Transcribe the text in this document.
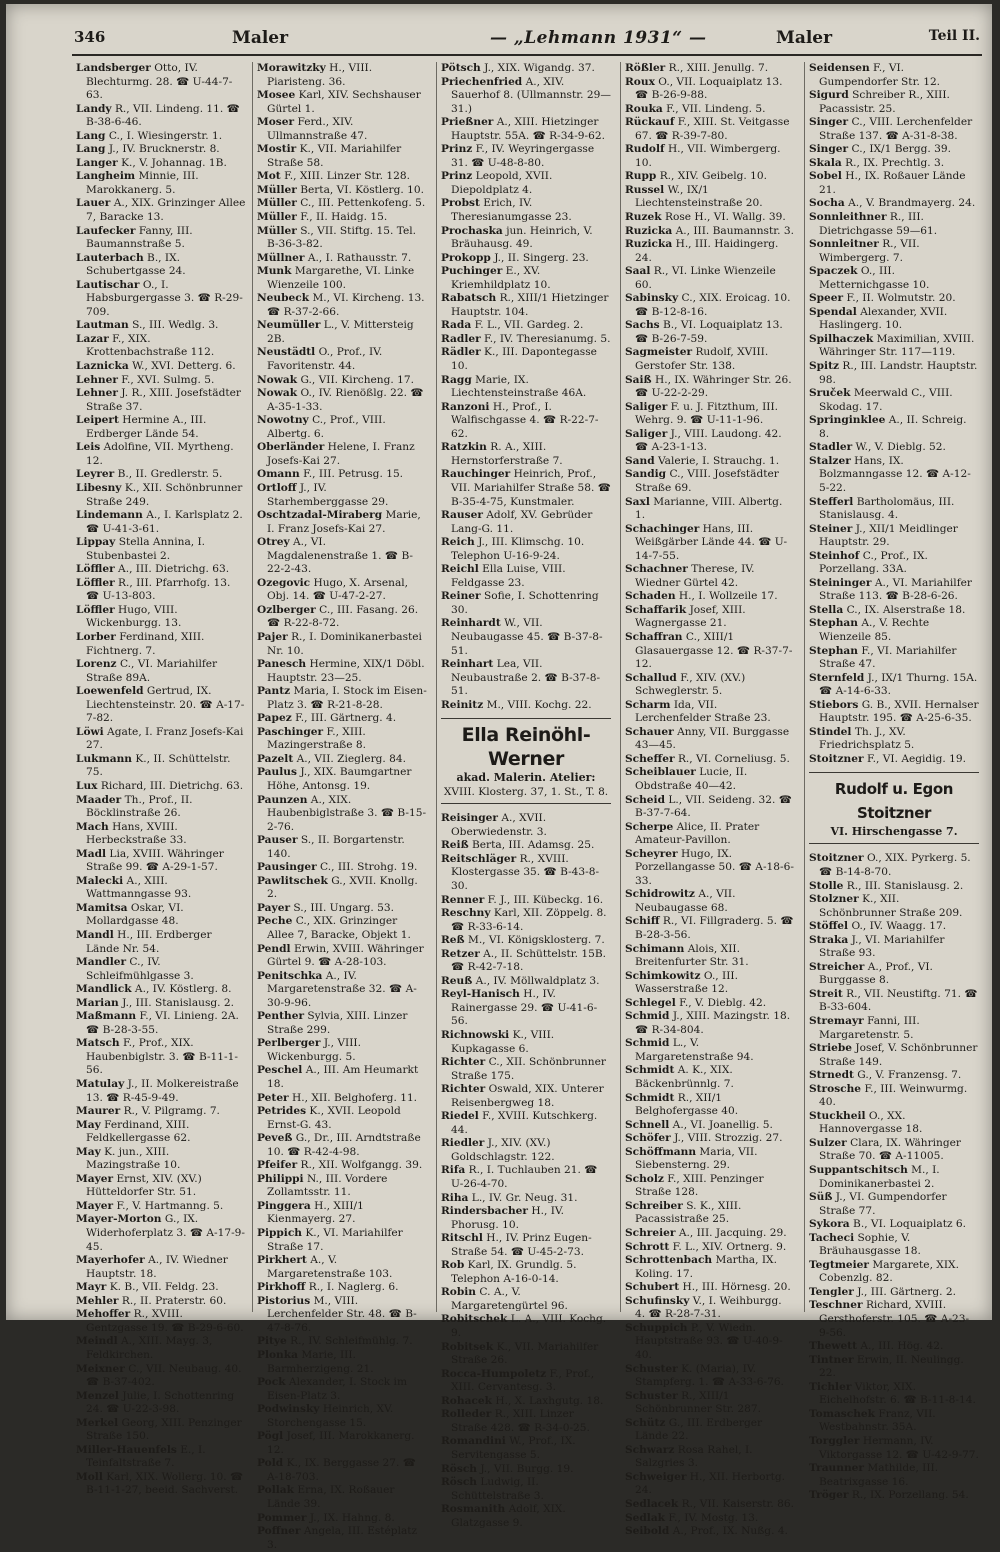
346	Maler	— „Lehmann 1931“ —	Maler	Teil II.

Landsberger Otto, IV. Blechturmg. 28. ☎ U-44-7-63.

Landy R., VII. Lindeng. 11. ☎ B-38-6-46.

Lang C., I. Wiesingerstr. 1.

Lang J., IV. Brucknerstr. 8.

Langer K., V. Johannag. 1B.

Langheim Minnie, III. Marokkanerg. 5.

Lauer A., XIX. Grinzinger Allee 7, Baracke 13.

Laufecker Fanny, III. Baumannstraße 5.

Lauterbach B., IX. Schubertgasse 24.

Lautischar O., I. Habsburgergasse 3. ☎ R-29-709.

Lautman S., III. Wedlg. 3.

Lazar F., XIX. Krottenbachstraße 112.

Laznicka W., XVI. Detterg. 6.

Lehner F., XVI. Sulmg. 5.

Lehner J. R., XIII. Josefstädter Straße 37.

Leipert Hermine A., III. Erdberger Lände 54.

Leis Adolfine, VII. Myrtheng. 12.

Leyrer B., II. Gredlerstr. 5.

Libesny K., XII. Schönbrunner Straße 249.

Lindemann A., I. Karlsplatz 2. ☎ U-41-3-61.

Lippay Stella Annina, I. Stubenbastei 2.

Löffler A., III. Dietrichg. 63.

Löffler R., III. Pfarrhofg. 13. ☎ U-13-803.

Löffler Hugo, VIII. Wickenburgg. 13.

Lorber Ferdinand, XIII. Fichtnerg. 7.

Lorenz C., VI. Mariahilfer Straße 89A.

Loewenfeld Gertrud, IX. Liechtensteinstr. 20. ☎ A-17-7-82.

Löwi Agate, I. Franz Josefs-Kai 27.

Lukmann K., II. Schüttelstr. 75.

Lux Richard, III. Dietrichg. 63.

Maader Th., Prof., II. Böcklinstraße 26.

Mach Hans, XVIII. Herbeckstraße 33.

Madl Lia, XVIII. Währinger Straße 99. ☎ A-29-1-57.

Malecki A., XIII. Wattmanngasse 93.

Mamitsa Oskar, VI. Mollardgasse 48.

Mandl H., III. Erdberger Lände Nr. 54.

Mandler C., IV. Schleifmühlgasse 3.

Mandlick A., IV. Köstlerg. 8.

Marian J., III. Stanislausg. 2.

Maßmann F., VI. Linieng. 2A. ☎ B-28-3-55.

Matsch F., Prof., XIX. Haubenbiglstr. 3. ☎ B-11-1-56.

Matulay J., II. Molkereistraße 13. ☎ R-45-9-49.

Maurer R., V. Pilgramg. 7.

May Ferdinand, XIII. Feldkellergasse 62.

May K. jun., XIII. Mazingstraße 10.

Mayer Ernst, XIV. (XV.) Hütteldorfer Str. 51.

Mayer F., V. Hartmanng. 5.

Mayer-Morton G., IX. Widerhoferplatz 3. ☎ A-17-9-45.

Mayerhofer A., IV. Wiedner Hauptstr. 18.

Mayr K. B., VII. Feldg. 23.

Mehler R., II. Praterstr. 60.

Mehoffer R., XVIII. Gentzgasse 19. ☎ B-29-6-60.

Meindl A., XIII. Mayg. 3, Feldkirchen.

Meixner C., VII. Neubaug. 40. ☎ B-37-402.

Menzel Julie, I. Schottenring 24. ☎ U-22-3-98.

Merkel Georg, XIII. Penzinger Straße 150.

Miller-Hauenfels E., I. Teinfaltstraße 7.

Moll Karl, XIX. Wollerg. 10. ☎ B-11-1-27, beeid. Sachverst.

Morawitzky H., VIII. Piaristeng. 36.

Mosee Karl, XIV. Sechshauser Gürtel 1.

Moser Ferd., XIV. Ullmannstraße 47.

Mostir K., VII. Mariahilfer Straße 58.

Mot F., XIII. Linzer Str. 128.

Müller Berta, VI. Köstlerg. 10.

Müller C., III. Pettenkofeng. 5.

Müller F., II. Haidg. 15.

Müller S., VII. Stiftg. 15. Tel. B-36-3-82.

Müllner A., I. Rathausstr. 7.

Munk Margarethe, VI. Linke Wienzeile 100.

Neubeck M., VI. Kircheng. 13. ☎ R-37-2-66.

Neumüller L., V. Mittersteig 2B.

Neustädtl O., Prof., IV. Favoritenstr. 44.

Nowak G., VII. Kircheng. 17.

Nowak O., IV. Rienößlg. 22. ☎ A-35-1-33.

Nowotny C., Prof., VIII. Albertg. 6.

Oberländer Helene, I. Franz Josefs-Kai 27.

Omann F., III. Petrusg. 15.

Ortloff J., IV. Starhemberggasse 29.

Oschtzadal-Miraberg Marie, I. Franz Josefs-Kai 27.

Otrey A., VI. Magdalenenstraße 1. ☎ B-22-2-43.

Ozegovic Hugo, X. Arsenal, Obj. 14. ☎ U-47-2-27.

Ozlberger C., III. Fasang. 26. ☎ R-22-8-72.

Pajer R., I. Dominikanerbastei Nr. 10.

Panesch Hermine, XIX/1 Döbl. Hauptstr. 23—25.

Pantz Maria, I. Stock im Eisen-Platz 3. ☎ R-21-8-28.

Papez F., III. Gärtnerg. 4.

Paschinger F., XIII. Mazingerstraße 8.

Pazelt A., VII. Zieglerg. 84.

Paulus J., XIX. Baumgartner Höhe, Antonsg. 19.

Paunzen A., XIX. Haubenbiglstraße 3. ☎ B-15-2-76.

Pauser S., II. Borgartenstr. 140.

Pausinger C., III. Strohg. 19.

Pawlitschek G., XVII. Knollg. 2.

Payer S., III. Ungarg. 53.

Peche C., XIX. Grinzinger Allee 7, Baracke, Objekt 1.

Pendl Erwin, XVIII. Währinger Gürtel 9. ☎ A-28-103.

Penitschka A., IV. Margaretenstraße 32. ☎ A-30-9-96.

Penther Sylvia, XIII. Linzer Straße 299.

Perlberger J., VIII. Wickenburgg. 5.

Peschel A., III. Am Heumarkt 18.

Peter H., XII. Belghoferg. 11.

Petrides K., XVII. Leopold Ernst-G. 43.

Peveß G., Dr., III. Arndtstraße 10. ☎ R-42-4-98.

Pfeifer R., XII. Wolfgangg. 39.

Philippi N., III. Vordere Zollamtsstr. 11.

Pinggera H., XIII/1 Kienmayerg. 27.

Pippich K., VI. Mariahilfer Straße 17.

Pirkhert A., V. Margaretenstraße 103.

Pirkhoff R., I. Naglerg. 6.

Pistorius M., VIII. Lerchenfelder Str. 48. ☎ B-47-8-76.

Pitye R., IV. Schleifmühlg. 7.

Plonka Marie, III. Barmherzigeng. 21.

Pock Alexander, I. Stock im Eisen-Platz 3.

Podwinsky Heinrich, XV. Storchengasse 15.

Pögl Josef, III. Marokkanerg. 12.

Pold K., IX. Berggasse 27. ☎ A-18-703.

Pollak Erna, IX. Roßauer Lände 39.

Pommer J., IX. Hahng. 8.

Poffner Angela, III. Estéplatz 3.

Pötsch J., XIX. Wigandg. 37.

Priechenfried A., XIV. Sauerhof 8. (Ullmannstr. 29—31.)

Prießner A., XIII. Hietzinger Hauptstr. 55A. ☎ R-34-9-62.

Prinz F., IV. Weyringergasse 31. ☎ U-48-8-80.

Prinz Leopold, XVII. Diepoldplatz 4.

Probst Erich, IV. Theresianumgasse 23.

Prochaska jun. Heinrich, V. Bräuhausg. 49.

Prokopp J., II. Singerg. 23.

Puchinger E., XV. Kriemhildplatz 10.

Rabatsch R., XIII/1 Hietzinger Hauptstr. 104.

Rada F. L., VII. Gardeg. 2.

Radler F., IV. Theresianumg. 5.

Rädler K., III. Dapontegasse 10.

Ragg Marie, IX. Liechtensteinstraße 46A.

Ranzoni H., Prof., I. Walfischgasse 4. ☎ R-22-7-62.

Ratzkin R. A., XIII. Hernstorferstraße 7.

Rauchinger Heinrich, Prof., VII. Mariahilfer Straße 58. ☎ B-35-4-75, Kunstmaler.

Rauser Adolf, XV. Gebrüder Lang-G. 11.

Reich J., III. Klimschg. 10. Telephon U-16-9-24.

Reichl Ella Luise, VIII. Feldgasse 23.

Reiner Sofie, I. Schottenring 30.

Reinhardt W., VII. Neubaugasse 45. ☎ B-37-8-51.

Reinhart Lea, VII. Neubaustraße 2. ☎ B-37-8-51.

Reinitz M., VIII. Kochg. 22.

Ella Reinöhl-Werner
akad. Malerin. Atelier:
XVIII. Klosterg. 37, 1. St., T. 8.

Reisinger A., XVII. Oberwiedenstr. 3.

Reiß Berta, III. Adamsg. 25.

Reitschläger R., XVIII. Klostergasse 35. ☎ B-43-8-30.

Renner F. J., III. Kübeckg. 16.

Reschny Karl, XII. Zöppelg. 8. ☎ R-33-6-14.

Reß M., VI. Königsklosterg. 7.

Retzer A., II. Schüttelstr. 15B. ☎ R-42-7-18.

Reuß A., IV. Möllwaldplatz 3.

Reyl-Hanisch H., IV. Rainergasse 29. ☎ U-41-6-56.

Richnowski K., VIII. Kupkagasse 6.

Richter C., XII. Schönbrunner Straße 175.

Richter Oswald, XIX. Unterer Reisenbergweg 18.

Riedel F., XVIII. Kutschkerg. 44.

Riedler J., XIV. (XV.) Goldschlagstr. 122.

Rifa R., I. Tuchlauben 21. ☎ U-26-4-70.

Riha L., IV. Gr. Neug. 31.

Rindersbacher H., IV. Phorusg. 10.

Ritschl H., IV. Prinz Eugen-Straße 54. ☎ U-45-2-73.

Rob Karl, IX. Grundlg. 5. Telephon A-16-0-14.

Robin C. A., V. Margaretengürtel 96.

Robitschek L. A., VIII. Kochg. 9.

Robitsek K., VII. Mariahilfer Straße 26.

Rocca-Humpoletz F., Prof., XIII. Cervantesg. 3.

Rohacek H., X. Laxhgutg. 18.

Rolleder R., XIII. Linzer Straße 428. ☎ R-34-0-25.

Romandini W., Prof., IX. Servitengasse 5.

Rösch J., VII. Burgg. 19.

Rösch Ludwig, II. Schüttelstraße 3.

Rosmanith Adolf, XIX. Glatzgasse 9.

Rößler R., XIII. Jenullg. 7.

Roux O., VII. Loquaiplatz 13. ☎ B-26-9-88.

Rouka F., VII. Lindeng. 5.

Rückauf F., XIII. St. Veitgasse 67. ☎ R-39-7-80.

Rudolf H., VII. Wimbergerg. 10.

Rupp R., XIV. Geibelg. 10.

Russel W., IX/1 Liechtensteinstraße 20.

Ruzek Rose H., VI. Wallg. 39.

Ruzicka A., III. Baumannstr. 3.

Ruzicka H., III. Haidingerg. 24.

Saal R., VI. Linke Wienzeile 60.

Sabinsky C., XIX. Eroicag. 10. ☎ B-12-8-16.

Sachs B., VI. Loquaiplatz 13. ☎ B-26-7-59.

Sagmeister Rudolf, XVIII. Gerstofer Str. 138.

Saiß H., IX. Währinger Str. 26. ☎ U-22-2-29.

Saliger F. u. J. Fitzthum, III. Wehrg. 9. ☎ U-11-1-96.

Saliger J., VIII. Laudong. 42. ☎ A-23-1-13.

Sand Valerie, I. Strauchg. 1.

Sandig C., VIII. Josefstädter Straße 69.

Saxl Marianne, VIII. Albertg. 1.

Schachinger Hans, III. Weißgärber Lände 44. ☎ U-14-7-55.

Schachner Therese, IV. Wiedner Gürtel 42.

Schaden H., I. Wollzeile 17.

Schaffarik Josef, XIII. Wagnergasse 21.

Schaffran C., XIII/1 Glasauergasse 12. ☎ R-37-7-12.

Schallud F., XIV. (XV.) Schweglerstr. 5.

Scharm Ida, VII. Lerchenfelder Straße 23.

Schauer Anny, VII. Burggasse 43—45.

Scheffer R., VI. Corneliusg. 5.

Scheiblauer Lucie, II. Obdstraße 40—42.

Scheid L., VII. Seideng. 32. ☎ B-37-7-64.

Scherpe Alice, II. Prater Amateur-Pavillon.

Scheyrer Hugo, IX. Porzellangasse 50. ☎ A-18-6-33.

Schidrowitz A., VII. Neubaugasse 68.

Schiff R., VI. Fillgraderg. 5. ☎ B-28-3-56.

Schimann Alois, XII. Breitenfurter Str. 31.

Schimkowitz O., III. Wasserstraße 12.

Schlegel F., V. Dieblg. 42.

Schmid J., XIII. Mazingstr. 18. ☎ R-34-804.

Schmid L., V. Margaretenstraße 94.

Schmidt A. K., XIX. Bäckenbrünnlg. 7.

Schmidt R., XII/1 Belghofergasse 40.

Schnell A., VI. Joanellig. 5.

Schöfer J., VIII. Strozzig. 27.

Schöffmann Maria, VII. Siebensterng. 29.

Scholz F., XIII. Penzinger Straße 128.

Schreiber S. K., XIII. Pacassistraße 25.

Schreier A., III. Jacquing. 29.

Schrott F. L., XIV. Ortnerg. 9.

Schrottenbach Martha, IX. Koling. 17.

Schubert H., III. Hörnesg. 20.

Schufinsky V., I. Weihburgg. 4. ☎ R-28-7-31.

Schuppich P., V. Wiedn. Hauptstraße 93. ☎ U-40-9-40.

Schuster K. (Maria), IV. Stampferg. 1. ☎ A-33-6-76.

Schuster R., XIII/1 Schönbrunner Str. 287.

Schütz G., III. Erdberger Lände 22.

Schwarz Rosa Rahel, I. Salzgries 3.

Schweiger H., XII. Herbortg. 24.

Sedlacek R., VII. Kaiserstr. 86.

Sedlak F., IV. Mostg. 13.

Seibold A., Prof., IX. Nußg. 4.

Seidensen F., VI. Gumpendorfer Str. 12.

Sigurd Schreiber R., XIII. Pacassistr. 25.

Singer C., VIII. Lerchenfelder Straße 137. ☎ A-31-8-38.

Singer C., IX/1 Bergg. 39.

Skala R., IX. Prechtlg. 3.

Sobel H., IX. Roßauer Lände 21.

Socha A., V. Brandmayerg. 24.

Sonnleithner R., III. Dietrichgasse 59—61.

Sonnleitner R., VII. Wimbergerg. 7.

Spaczek O., III. Metternichgasse 10.

Speer F., II. Wolmutstr. 20.

Spendal Alexander, XVII. Haslingerg. 10.

Spilhaczek Maximilian, XVIII. Währinger Str. 117—119.

Spitz R., III. Landstr. Hauptstr. 98.

Sruček Meerwald C., VIII. Skodag. 17.

Springinklee A., II. Schreig. 8.

Stadler W., V. Dieblg. 52.

Stalzer Hans, IX. Bolzmanngasse 12. ☎ A-12-5-22.

Stefferl Bartholomäus, III. Stanislausg. 4.

Steiner J., XII/1 Meidlinger Hauptstr. 29.

Steinhof C., Prof., IX. Porzellang. 33A.

Steininger A., VI. Mariahilfer Straße 113. ☎ B-28-6-26.

Stella C., IX. Alserstraße 18.

Stephan A., V. Rechte Wienzeile 85.

Stephan F., VI. Mariahilfer Straße 47.

Sternfeld J., IX/1 Thurng. 15A. ☎ A-14-6-33.

Stiebors G. B., XVII. Hernalser Hauptstr. 195. ☎ A-25-6-35.

Stindel Th. J., XV. Friedrichsplatz 5.

Stoitzner F., VI. Aegidig. 19.

Rudolf u. Egon Stoitzner
VI. Hirschengasse 7.

Stoitzner O., XIX. Pyrkerg. 5. ☎ B-14-8-70.

Stolle R., III. Stanislausg. 2.

Stolzner K., XII. Schönbrunner Straße 209.

Stöffel O., IV. Waagg. 17.

Straka J., VI. Mariahilfer Straße 93.

Streicher A., Prof., VI. Burggasse 8.

Streit R., VII. Neustiftg. 71. ☎ B-33-604.

Stremayr Fanni, III. Margaretenstr. 5.

Striebe Josef, V. Schönbrunner Straße 149.

Strnedt G., V. Franzensg. 7.

Strosche F., III. Weinwurmg. 40.

Stuckheil O., XX. Hannovergasse 18.

Sulzer Clara, IX. Währinger Straße 70. ☎ A-11005.

Suppantschitsch M., I. Dominikanerbastei 2.

Süß J., VI. Gumpendorfer Straße 77.

Sykora B., VI. Loquaiplatz 6.

Tacheci Sophie, V. Bräuhausgasse 18.

Tegtmeier Margarete, XIX. Cobenzlg. 82.

Tengler J., III. Gärtnerg. 2.

Teschner Richard, XVIII. Gersthoferstr. 105. ☎ A-23-9-56.

Thewett A., III. Hög. 42.

Tintner Erwin, II. Neulingg. 22.

Tichler Viktor, XIX. Eichelhofstr. 6. ☎ B-11-8-14.

Tomaschek Franz, VII. Westbahnstr. 35A.

Torggler Hermann, IV. Viktorgasse 12. ☎ U-42-9-77.

Traunner Mathilde, III. Beatrixgasse 16.

Tröger R., IX. Porzellang. 54.
